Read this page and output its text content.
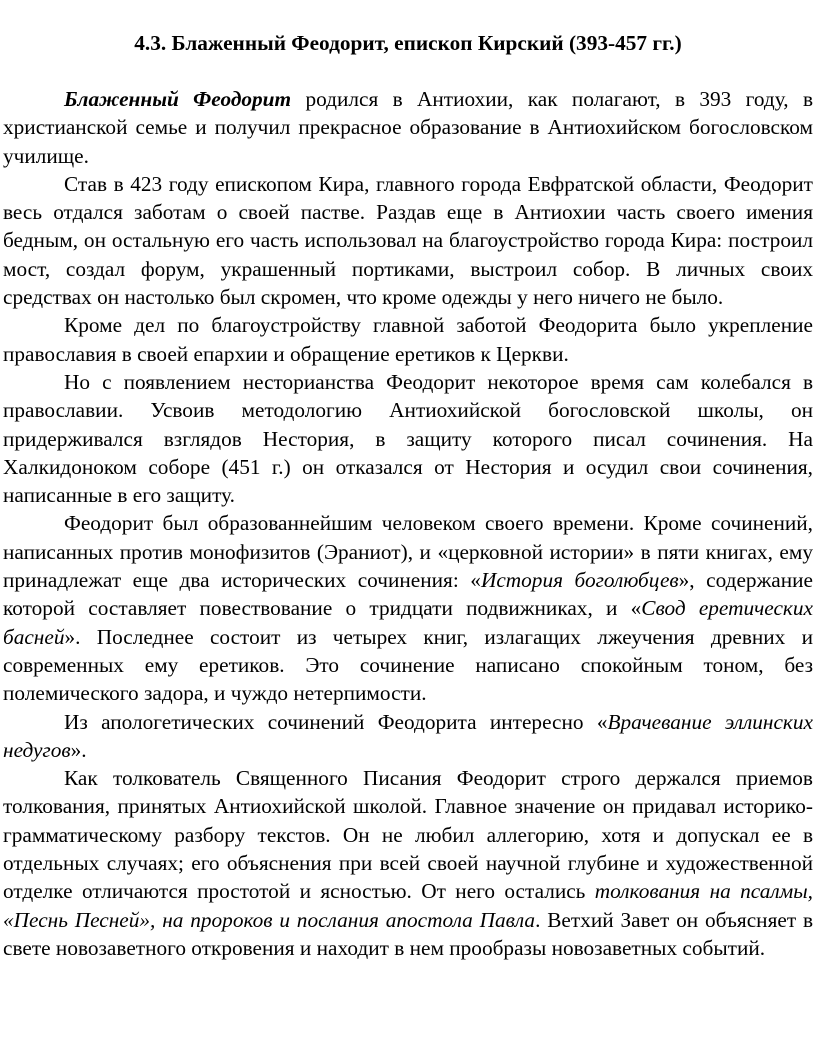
4.3. Блаженный Феодорит, епископ Кирский (393-457 гг.)

Блаженный Феодорит родился в Антиохии, как полагают, в 393 году, в христианской семье и получил прекрасное образование в Антиохийском богословском училище.

Став в 423 году епископом Кира, главного города Евфратской области, Феодорит весь отдался заботам о своей пастве. Раздав еще в Антиохии часть своего имения бедным, он остальную его часть использовал на благоустройство города Кира: построил мост, создал форум, украшенный портиками, выстроил собор. В личных своих средствах он настолько был скромен, что кроме одежды у него ничего не было.

Кроме дел по благоустройству главной заботой Феодорита было укрепление православия в своей епархии и обращение еретиков к Церкви.

Но с появлением несторианства Феодорит некоторое время сам колебался в православии. Усвоив методологию Антиохийской богословской школы, он придерживался взглядов Нестория, в защиту которого писал сочинения. На Халкидоноком соборе (451 г.) он отказался от Нестория и осудил свои сочинения, написанные в его защиту.

Феодорит был образованнейшим человеком своего времени. Кроме сочинений, написанных против монофизитов (Эраниот), и «церковной истории» в пяти книгах, ему принадлежат еще два исторических сочинения: «История боголюбцев», содержание которой составляет повествование о тридцати подвижниках, и «Свод еретических басней». Последнее состоит из четырех книг, излагащих лжеучения древних и современных ему еретиков. Это сочинение написано спокойным тоном, без полемического задора, и чуждо нетерпимости.

Из апологетических сочинений Феодорита интересно «Врачевание эллинских недугов».

Как толкователь Священного Писания Феодорит строго держался приемов толкования, принятых Антиохийской школой. Главное значение он придавал историко-грамматическому разбору текстов. Он не любил аллегорию, хотя и допускал ее в отдельных случаях; его объяснения при всей своей научной глубине и художественной отделке отличаются простотой и ясностью. От него остались толкования на псалмы, «Песнь Песней», на пророков и послания апостола Павла. Ветхий Завет он объясняет в свете новозаветного откровения и находит в нем прообразы новозаветных событий.
